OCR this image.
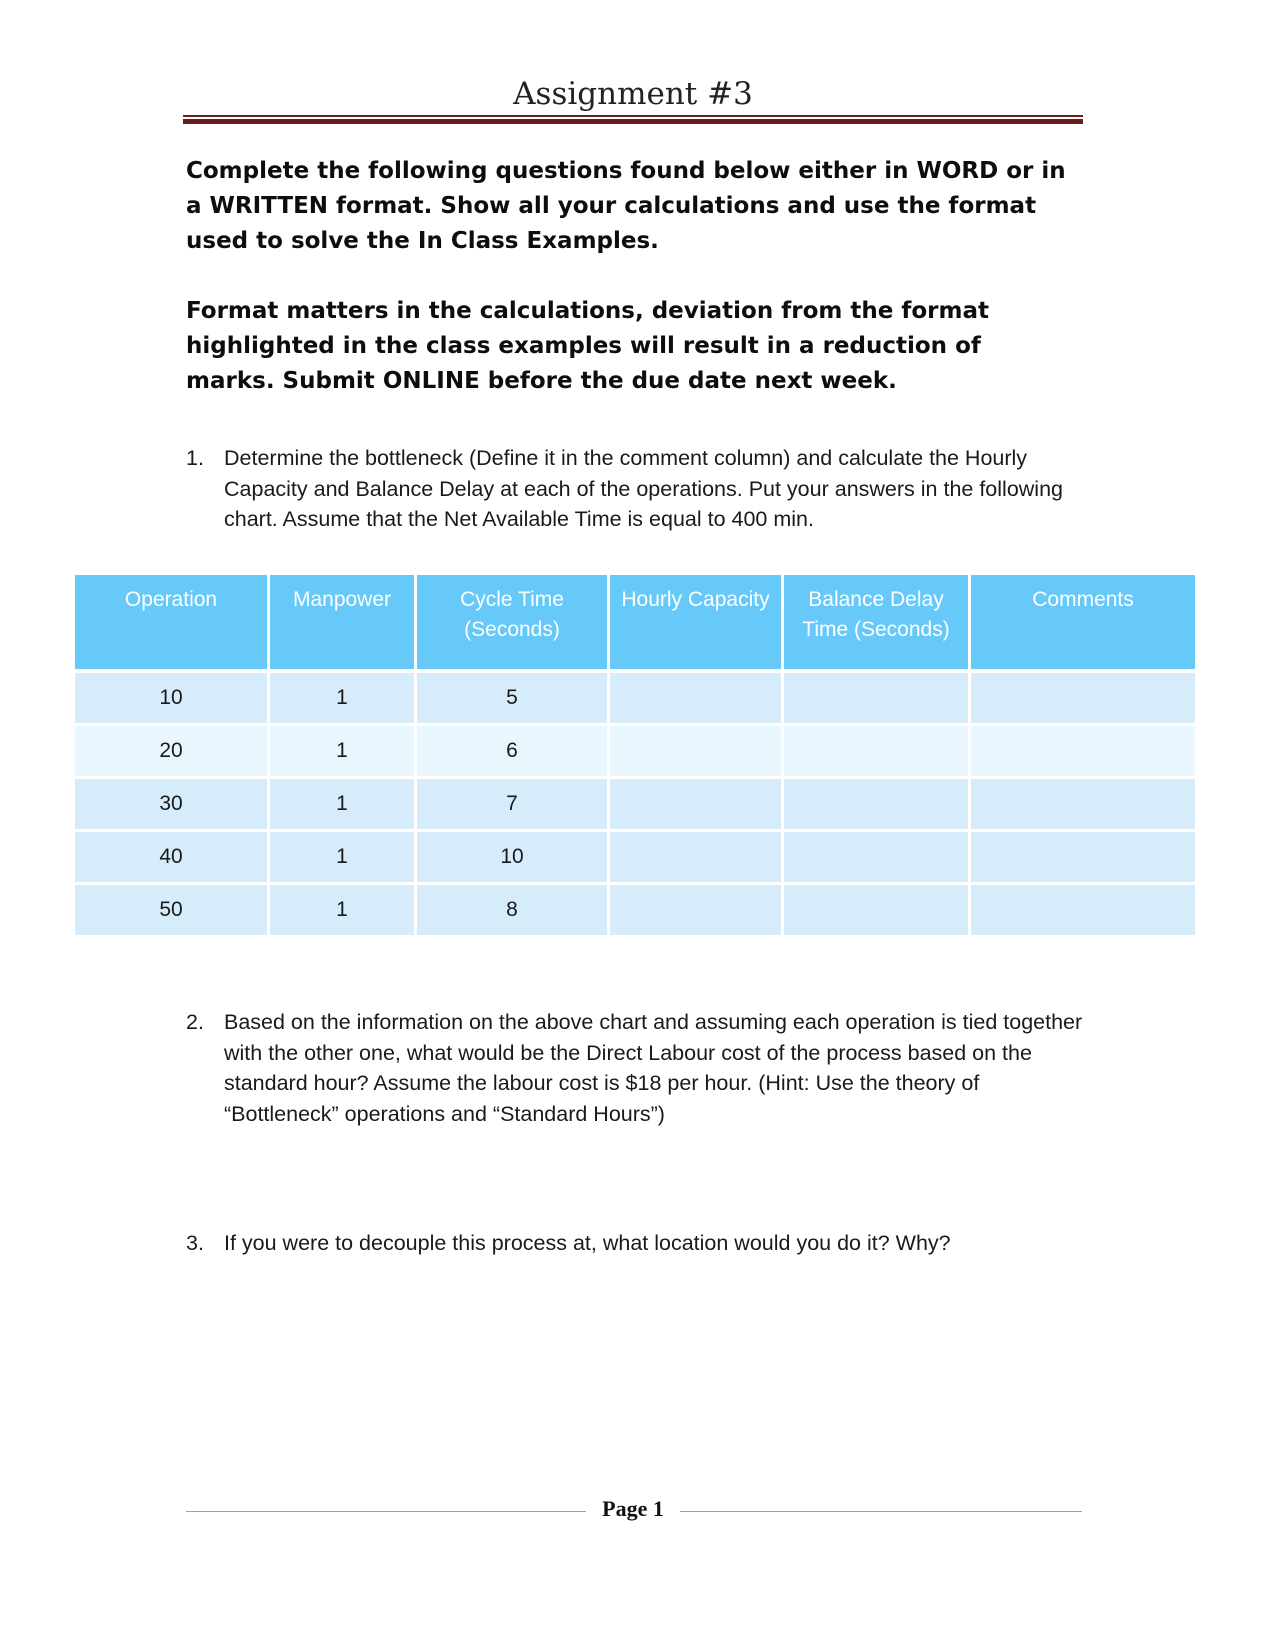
Assignment #3

Complete the following questions found below either in WORD or in a WRITTEN format. Show all your calculations and use the format used to solve the In Class Examples.

Format matters in the calculations, deviation from the format highlighted in the class examples will result in a reduction of marks. Submit ONLINE before the due date next week.

1. Determine the bottleneck (Define it in the comment column) and calculate the Hourly Capacity and Balance Delay at each of the operations. Put your answers in the following chart. Assume that the Net Available Time is equal to 400 min.
Operation	Manpower	Cycle Time (Seconds)	Hourly Capacity	Balance Delay Time (Seconds)	Comments
10	1	5			
20	1	6			
30	1	7			
40	1	10			
50	1	8			
2. Based on the information on the above chart and assuming each operation is tied together with the other one, what would be the Direct Labour cost of the process based on the standard hour? Assume the labour cost is $18 per hour. (Hint: Use the theory of “Bottleneck” operations and “Standard Hours”)
3. If you were to decouple this process at, what location would you do it? Why?
Page 1
